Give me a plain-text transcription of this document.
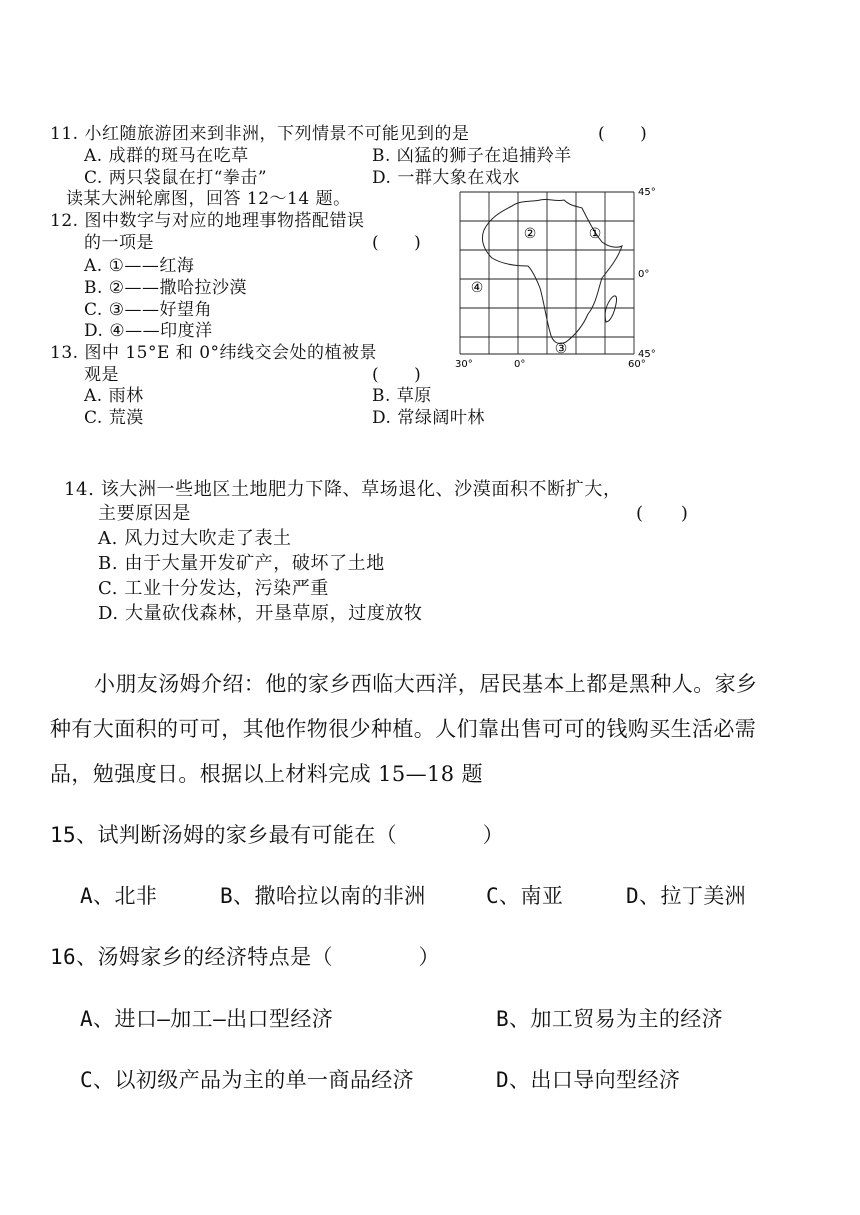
11. 小红随旅游团来到非洲，下列情景不可能见到的是	(　　)
A. 成群的斑马在吃草	B. 凶猛的狮子在追捕羚羊
C. 两只袋鼠在打“拳击”	D. 一群大象在戏水
读某大洲轮廓图，回答 12～14 题。
12. 图中数字与对应的地理事物搭配错误
的一项是	(　　)
A. ①——红海
B. ②——撒哈拉沙漠
C. ③——好望角
D. ④——印度洋
13. 图中 15°E 和 0°纬线交会处的植被景
观是	(　　)
A. 雨林	B. 草原
C. 荒漠	D. 常绿阔叶林
②	①
④
③
45°
0°
45°
30°	0°	60°
14. 该大洲一些地区土地肥力下降、草场退化、沙漠面积不断扩大，
主要原因是	(　　)
A. 风力过大吹走了表土
B. 由于大量开发矿产，破坏了土地
C. 工业十分发达，污染严重
D. 大量砍伐森林，开垦草原，过度放牧
小朋友汤姆介绍：他的家乡西临大西洋，居民基本上都是黑种人。家乡
种有大面积的可可，其他作物很少种植。人们靠出售可可的钱购买生活必需
品，勉强度日。根据以上材料完成 15—18 题
15、试判断汤姆的家乡最有可能在（　　　　）
A、北非	B、撒哈拉以南的非洲	C、南亚	D、拉丁美洲
16、汤姆家乡的经济特点是（　　　　）
A、进口—加工—出口型经济	B、加工贸易为主的经济
C、以初级产品为主的单一商品经济	D、出口导向型经济
